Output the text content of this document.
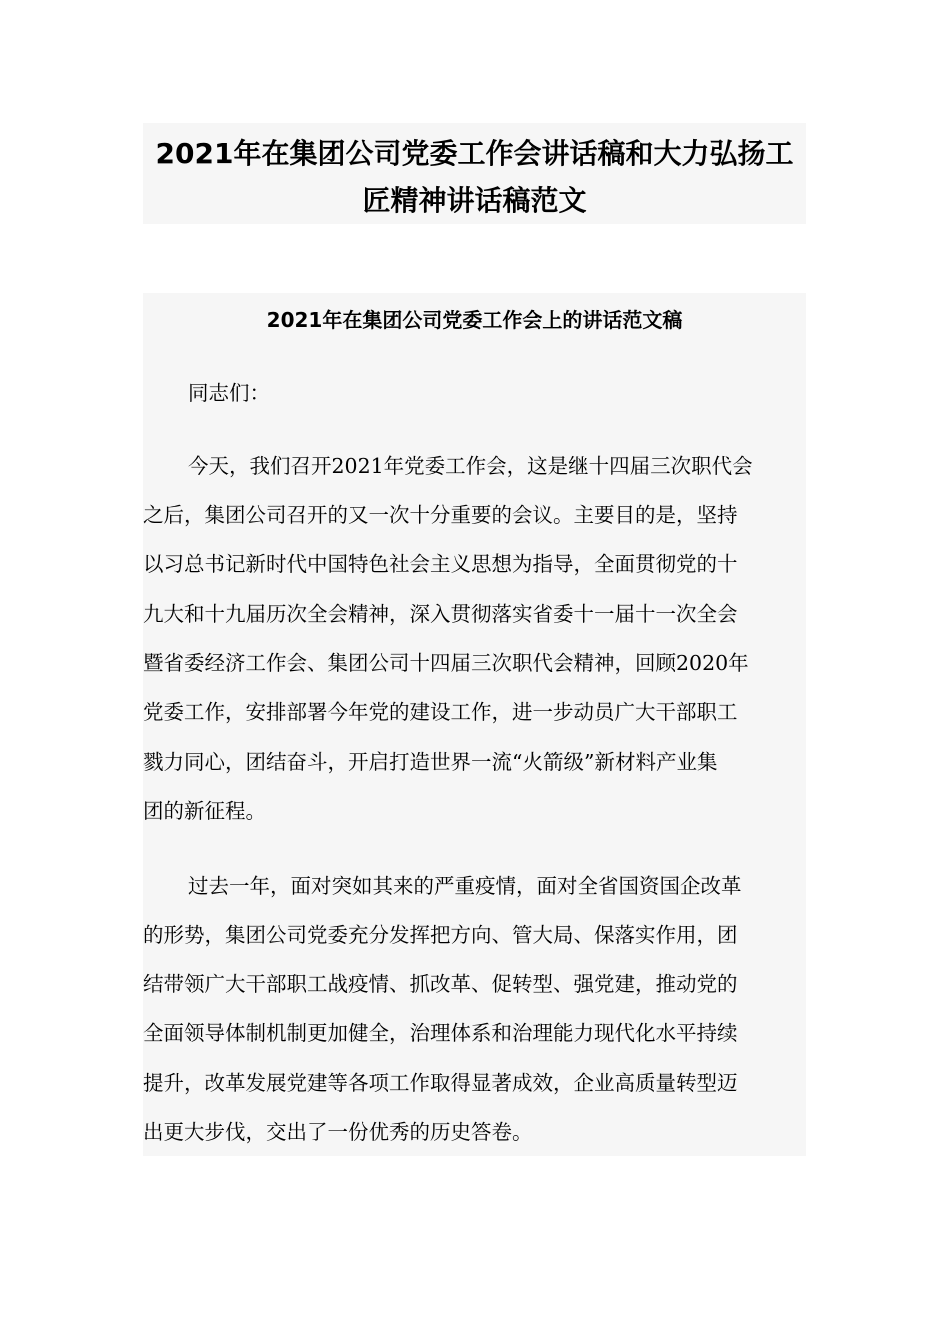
2021年在集团公司党委工作会讲话稿和大力弘扬工
匠精神讲话稿范文
2021年在集团公司党委工作会上的讲话范文稿
同志们：
今天，我们召开2021年党委工作会，这是继十四届三次职代会
之后，集团公司召开的又一次十分重要的会议。主要目的是，坚持
以习总书记新时代中国特色社会主义思想为指导，全面贯彻党的十
九大和十九届历次全会精神，深入贯彻落实省委十一届十一次全会
暨省委经济工作会、集团公司十四届三次职代会精神，回顾2020年
党委工作，安排部署今年党的建设工作，进一步动员广大干部职工
戮力同心，团结奋斗，开启打造世界一流“火箭级”新材料产业集
团的新征程。
过去一年，面对突如其来的严重疫情，面对全省国资国企改革
的形势，集团公司党委充分发挥把方向、管大局、保落实作用，团
结带领广大干部职工战疫情、抓改革、促转型、强党建，推动党的
全面领导体制机制更加健全，治理体系和治理能力现代化水平持续
提升，改革发展党建等各项工作取得显著成效，企业高质量转型迈
出更大步伐，交出了一份优秀的历史答卷。
